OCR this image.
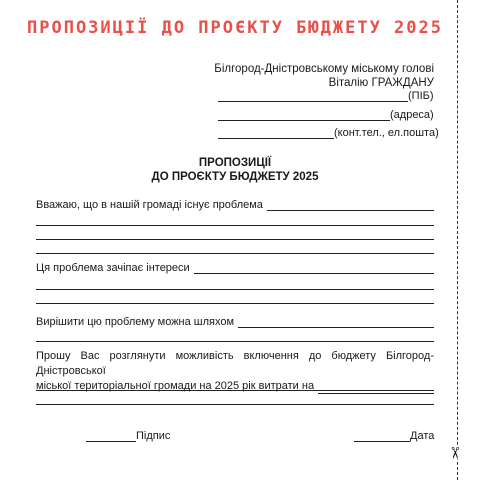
ПРОПОЗИЦІЇ ДО ПРОЄКТУ БЮДЖЕТУ 2025
Білгород-Дністровському міському голові
Віталію ГРАЖДАНУ
(ПІБ)
(адреса)
(конт.тел., ел.пошта)
ПРОПОЗИЦІЇ
ДО ПРОЄКТУ БЮДЖЕТУ 2025
Вважаю, що в нашій громаді існує проблема
Ця проблема зачіпає інтереси
Вирішити цю проблему можна шляхом
Прошу Вас розглянути можливість включення до бюджету Білгород-Дністровської
міської територіальної громади на 2025 рік витрати на
Підпис	Дата
✂
